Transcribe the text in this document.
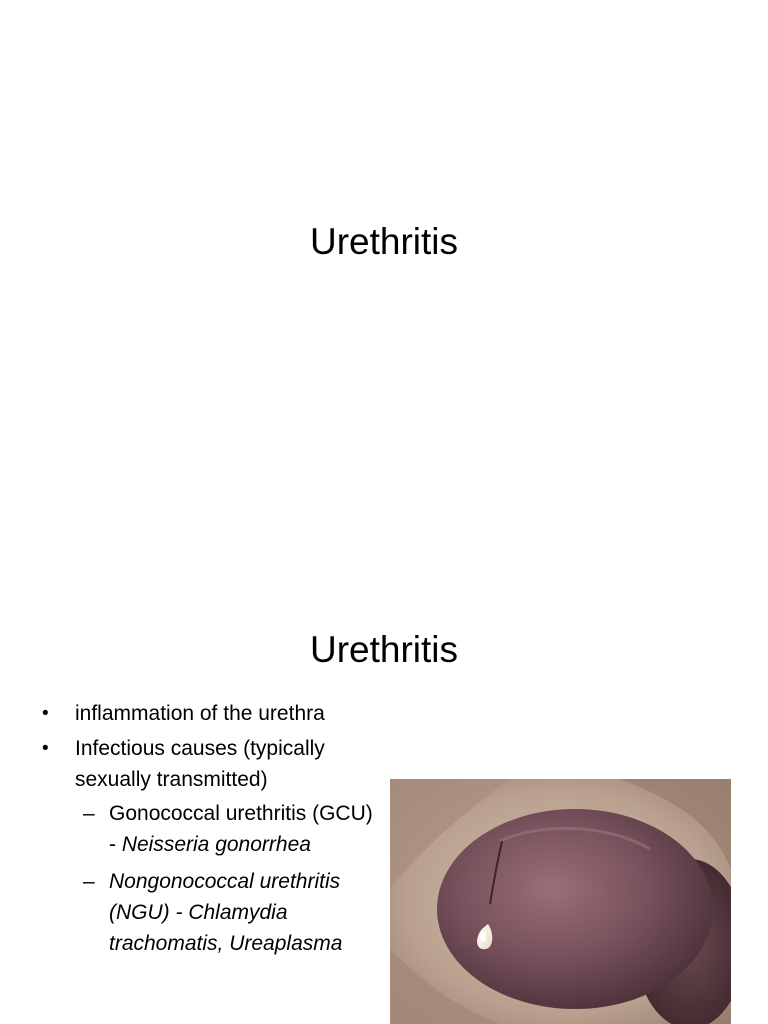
Urethritis
Urethritis
•	inflammation of the urethra
•	Infectious causes (typically sexually transmitted)
– Gonococcal urethritis (GCU) - Neisseria gonorrhea
– Nongonococcal urethritis (NGU) - Chlamydia trachomatis, Ureaplasma
